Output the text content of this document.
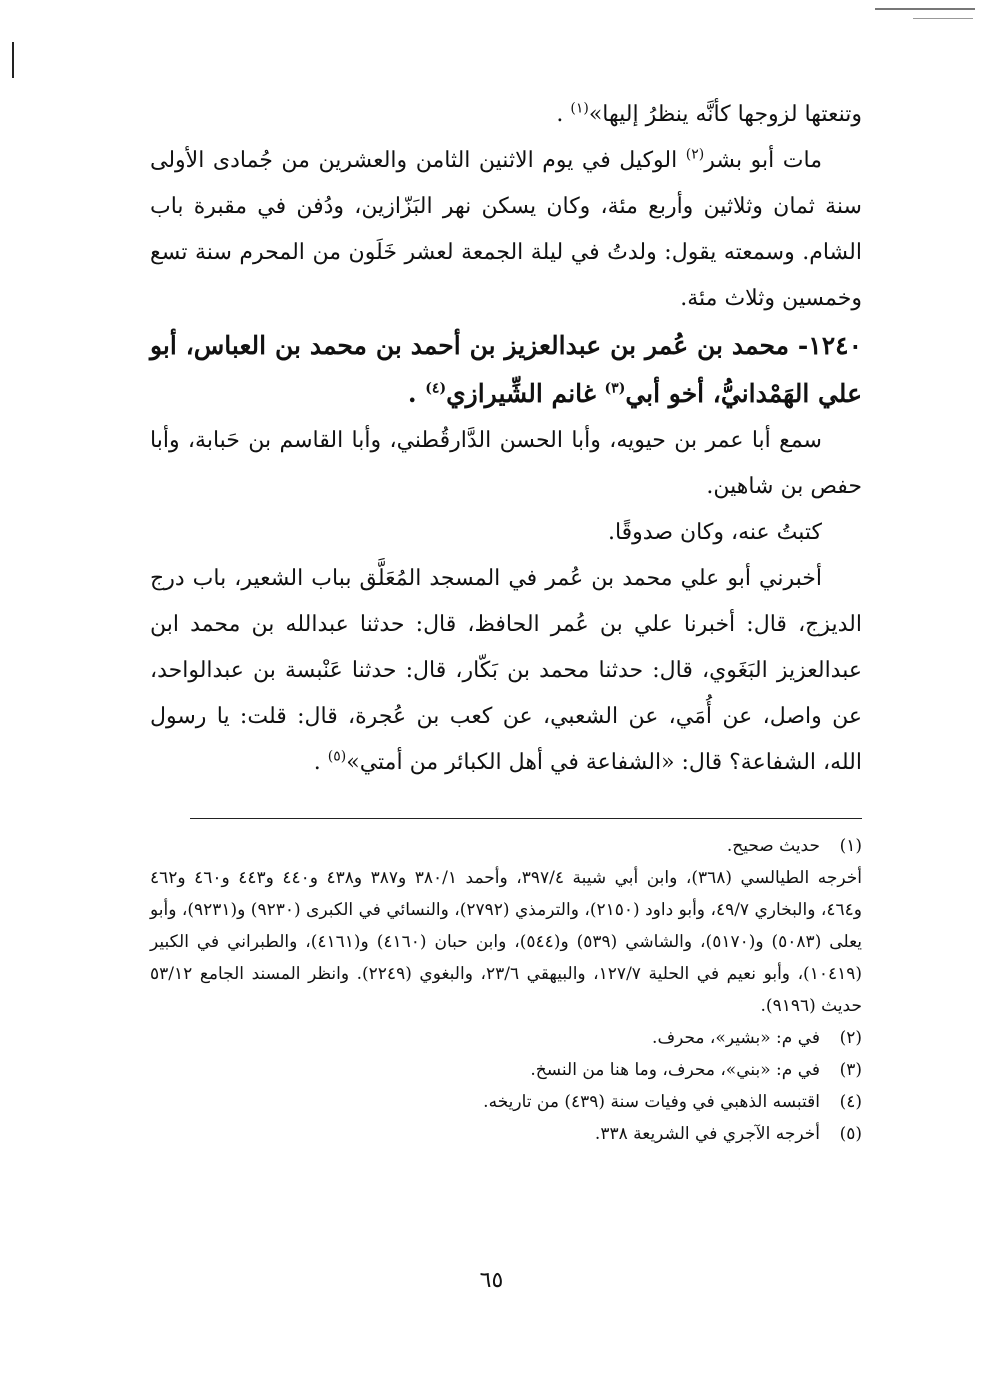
وتنعتها لزوجها كأنَّه ينظرُ إليها»$^{(١)}$ .

مات أبو بشر$^{(٢)}$ الوكيل في يوم الاثنين الثامن والعشرين من جُمادى الأولى سنة ثمان وثلاثين وأربع مئة، وكان يسكن نهر البَزّازين، ودُفن في مقبرة باب الشام. وسمعته يقول: ولدتُ في ليلة الجمعة لعشر خَلَون من المحرم سنة تسع وخمسين وثلاث مئة.

١٢٤٠- محمد بن عُمر بن عبدالعزيز بن أحمد بن محمد بن العباس، أبو علي الهَمْدانيُّ، أخو أبي$^{(٣)}$ غانم الشِّيرازي$^{(٤)}$ .

سمع أبا عمر بن حيويه، وأبا الحسن الدَّارقُطني، وأبا القاسم بن حَبابة، وأبا حفص بن شاهين.

كتبتُ عنه، وكان صدوقًا.

أخبرني أبو علي محمد بن عُمر في المسجد المُعَلَّق بباب الشعير، باب درج الديزج، قال: أخبرنا علي بن عُمر الحافظ، قال: حدثنا عبدالله بن محمد ابن عبدالعزيز البَغَوي، قال: حدثنا محمد بن بَكّار، قال: حدثنا عَنْبسة بن عبدالواحد، عن واصل، عن أُمَي، عن الشعبي، عن كعب بن عُجرة، قال: قلت: يا رسول الله، الشفاعة؟ قال: «الشفاعة في أهل الكبائر من أمتي»$^{(٥)}$ .

(١)
حديث صحيح.

أخرجه الطيالسي (٣٦٨)، وابن أبي شيبة ٣٩٧/٤، وأحمد ٣٨٠/١ و٣٨٧ و٤٣٨ و٤٤٠ و٤٤٣ و٤٦٠ و٤٦٢ و٤٦٤، والبخاري ٤٩/٧، وأبو داود (٢١٥٠)، والترمذي (٢٧٩٢)، والنسائي في الكبرى (٩٢٣٠) و(٩٢٣١)، وأبو يعلى (٥٠٨٣) و(٥١٧٠)، والشاشي (٥٣٩) و(٥٤٤)، وابن حبان (٤١٦٠) و(٤١٦١)، والطبراني في الكبير (١٠٤١٩)، وأبو نعيم في الحلية ١٢٧/٧، والبيهقي ٢٣/٦، والبغوي (٢٢٤٩). وانظر المسند الجامع ٥٣/١٢ حديث (٩١٩٦).

(٢)
في م: «بشير»، محرف.
(٣)
في م: «بني»، محرف، وما هنا من النسخ.
(٤)
اقتبسه الذهبي في وفيات سنة (٤٣٩) من تاريخه.
(٥)
أخرجه الآجري في الشريعة ٣٣٨.
٦٥
